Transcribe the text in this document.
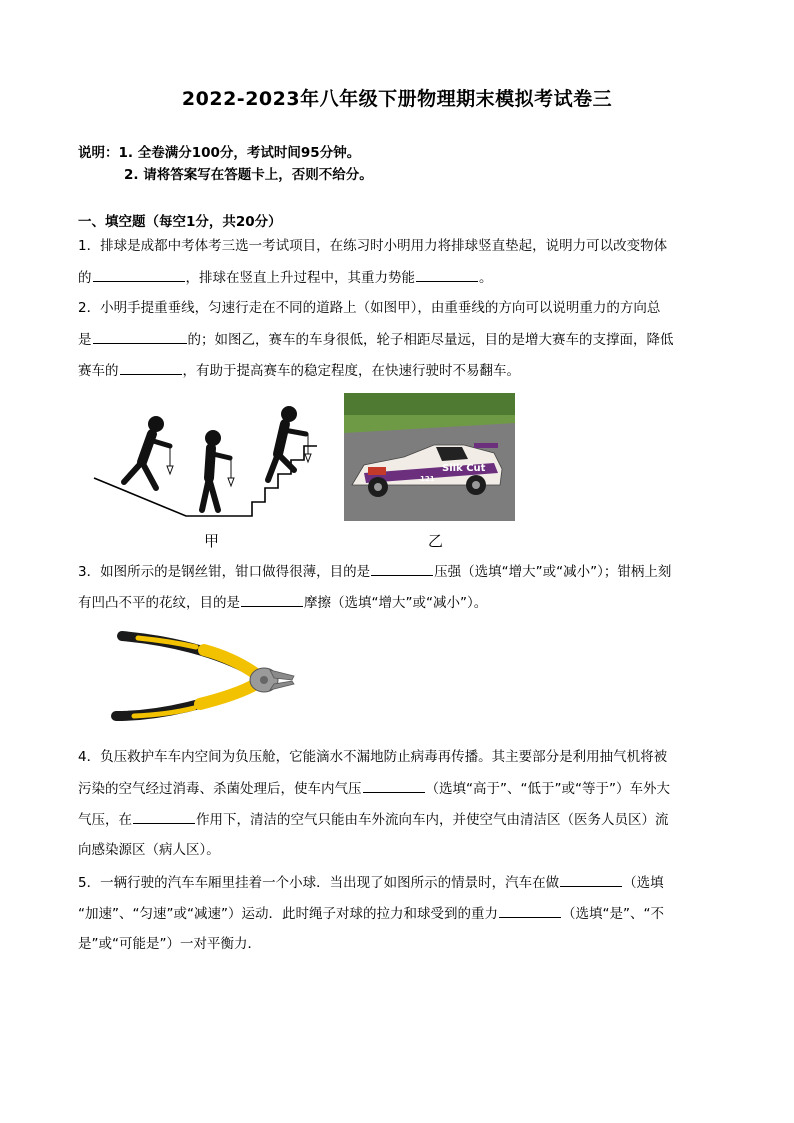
2022-2023年八年级下册物理期末模拟考试卷三
说明：1. 全卷满分100分，考试时间95分钟。
2. 请将答案写在答题卡上，否则不给分。
一、填空题（每空1分，共20分）
1．排球是成都中考体考三选一考试项目，在练习时小明用力将排球竖直垫起，说明力可以改变物体
的	，排球在竖直上升过程中，其重力势能	。
2．小明手提重垂线，匀速行走在不同的道路上（如图甲），由重垂线的方向可以说明重力的方向总
是	的；如图乙，赛车的车身很低，轮子相距尽量远，目的是增大赛车的支撑面，降低
赛车的	，有助于提高赛车的稳定程度，在快速行驶时不易翻车。
Silk Cut
121
甲	乙
3．如图所示的是钢丝钳，钳口做得很薄，目的是	压强（选填“增大”或“减小”）；钳柄上刻
有凹凸不平的花纹，目的是	摩擦（选填“增大”或“减小”）。
4．负压救护车车内空间为负压舱，它能滴水不漏地防止病毒再传播。其主要部分是利用抽气机将被
污染的空气经过消毒、杀菌处理后，使车内气压	（选填“高于”、“低于”或“等于”）车外大
气压，在	作用下，清洁的空气只能由车外流向车内，并使空气由清洁区（医务人员区）流
向感染源区（病人区）。
5．一辆行驶的汽车车厢里挂着一个小球．当出现了如图所示的情景时，汽车在做	（选填
“加速”、“匀速”或“减速”）运动．此时绳子对球的拉力和球受到的重力	（选填“是”、“不
是”或“可能是”）一对平衡力．
